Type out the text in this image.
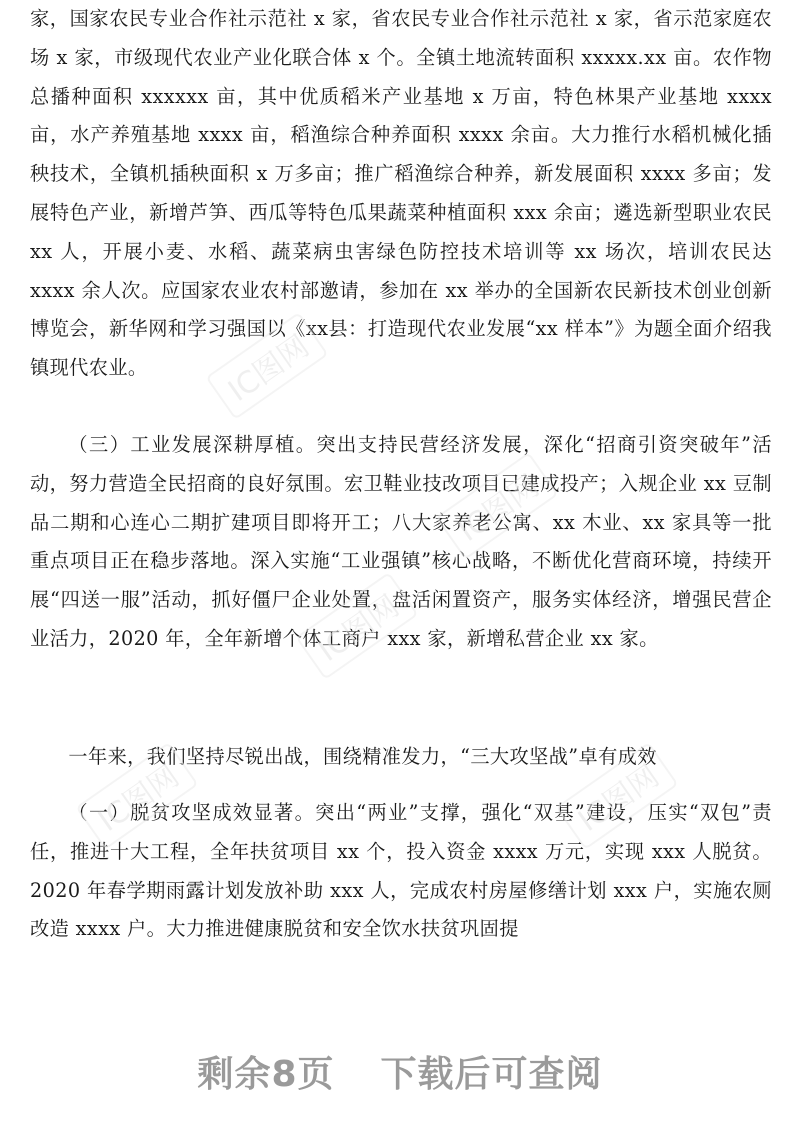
家，国家农民专业合作社示范社 x 家，省农民专业合作社示范社 x 家，省示范家庭农场 x 家，市级现代农业产业化联合体 x 个。全镇土地流转面积 xxxxx.xx 亩。农作物总播种面积 xxxxxx 亩，其中优质稻米产业基地 x 万亩，特色林果产业基地 xxxx 亩，水产养殖基地 xxxx 亩，稻渔综合种养面积 xxxx 余亩。大力推行水稻机械化插秧技术，全镇机插秧面积 x 万多亩；推广稻渔综合种养，新发展面积 xxxx 多亩；发展特色产业，新增芦笋、西瓜等特色瓜果蔬菜种植面积 xxx 余亩；遴选新型职业农民 xx 人，开展小麦、水稻、蔬菜病虫害绿色防控技术培训等 xx 场次，培训农民达 xxxx 余人次。应国家农业农村部邀请，参加在 xx 举办的全国新农民新技术创业创新博览会，新华网和学习强国以《xx县：打造现代农业发展“xx 样本”》为题全面介绍我镇现代农业。

（三）工业发展深耕厚植。突出支持民营经济发展，深化“招商引资突破年”活动，努力营造全民招商的良好氛围。宏卫鞋业技改项目已建成投产；入规企业 xx 豆制品二期和心连心二期扩建项目即将开工；八大家养老公寓、xx 木业、xx 家具等一批重点项目正在稳步落地。深入实施“工业强镇”核心战略，不断优化营商环境，持续开展“四送一服”活动，抓好僵尸企业处置，盘活闲置资产，服务实体经济，增强民营企业活力，2020 年，全年新增个体工商户 xxx 家，新增私营企业 xx 家。

一年来，我们坚持尽锐出战，围绕精准发力，“三大攻坚战”卓有成效

（一）脱贫攻坚成效显著。突出“两业”支撑，强化“双基”建设，压实“双包”责任，推进十大工程，全年扶贫项目 xx 个，投入资金 xxxx 万元，实现 xxx 人脱贫。2020 年春学期雨露计划发放补助 xxx 人，完成农村房屋修缮计划 xxx 户，实施农厕改造 xxxx 户。大力推进健康脱贫和安全饮水扶贫巩固提

IC图网
IC图网
IC图网
IC图网
IC图网
剩余8页 下载后可查阅
